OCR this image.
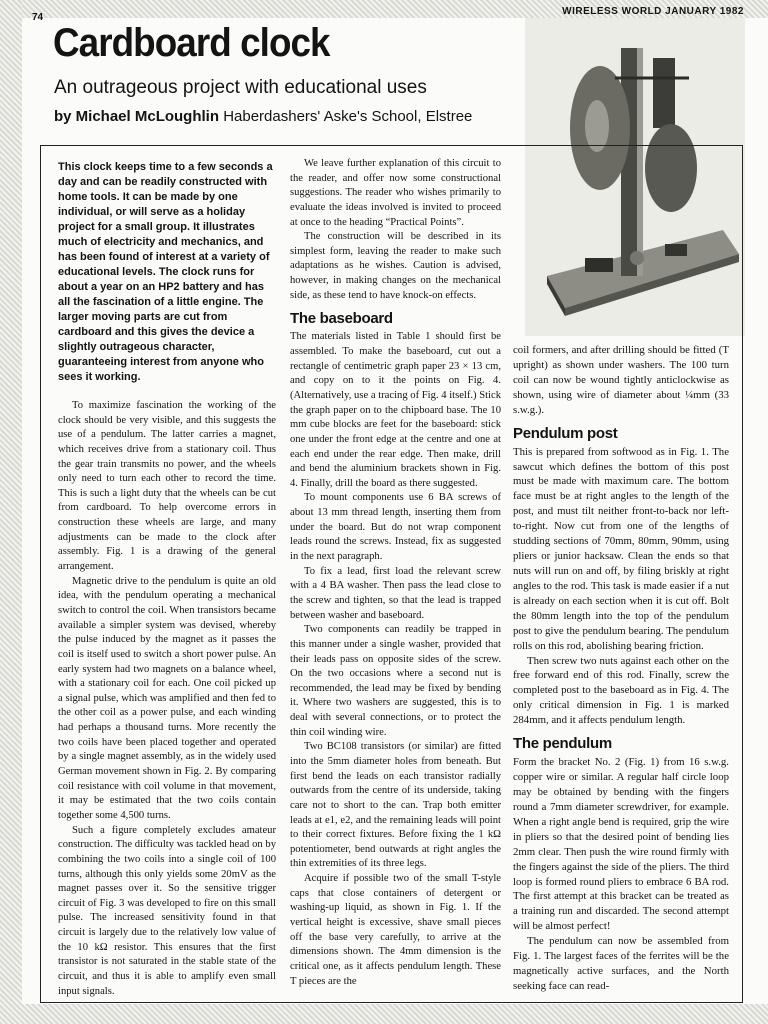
74
WIRELESS WORLD JANUARY 1982
Cardboard clock
An outrageous project with educational uses
by Michael McLoughlin Haberdashers' Aske's School, Elstree

This clock keeps time to a few seconds a day and can be readily constructed with home tools. It can be made by one individual, or will serve as a holiday project for a small group. It illustrates much of electricity and mechanics, and has been found of interest at a variety of educational levels. The clock runs for about a year on an HP2 battery and has all the fascination of a little engine. The larger moving parts are cut from cardboard and this gives the device a slightly outrageous character, guaranteeing interest from anyone who sees it working.

To maximize fascination the working of the clock should be very visible, and this suggests the use of a pendulum. The latter carries a magnet, which receives drive from a stationary coil. Thus the gear train transmits no power, and the wheels only need to turn each other to record the time. This is such a light duty that the wheels can be cut from cardboard. To help overcome errors in construction these wheels are large, and many adjustments can be made to the clock after assembly. Fig. 1 is a drawing of the general arrangement.

Magnetic drive to the pendulum is quite an old idea, with the pendulum operating a mechanical switch to control the coil. When transistors became available a simpler system was devised, whereby the pulse induced by the magnet as it passes the coil is itself used to switch a short power pulse. An early system had two magnets on a balance wheel, with a stationary coil for each. One coil picked up a signal pulse, which was amplified and then fed to the other coil as a power pulse, and each winding had perhaps a thousand turns. More recently the two coils have been placed together and operated by a single magnet assembly, as in the widely used German movement shown in Fig. 2. By comparing coil resistance with coil volume in that movement, it may be estimated that the two coils contain together some 4,500 turns.

Such a figure completely excludes amateur construction. The difficulty was tackled head on by combining the two coils into a single coil of 100 turns, although this only yields some 20mV as the magnet passes over it. So the sensitive trigger circuit of Fig. 3 was developed to fire on this small pulse. The increased sensitivity found in that circuit is largely due to the relatively low value of the 10 kΩ resistor. This ensures that the first transistor is not saturated in the stable state of the circuit, and thus it is able to amplify even small input signals.

We leave further explanation of this circuit to the reader, and offer now some constructional suggestions. The reader who wishes primarily to evaluate the ideas involved is invited to proceed at once to the heading “Practical Points”.

The construction will be described in its simplest form, leaving the reader to make such adaptations as he wishes. Caution is advised, however, in making changes on the mechanical side, as these tend to have knock-on effects.

The baseboard

The materials listed in Table 1 should first be assembled. To make the baseboard, cut out a rectangle of centimetric graph paper 23 × 13 cm, and copy on to it the points on Fig. 4. (Alternatively, use a tracing of Fig. 4 itself.) Stick the graph paper on to the chipboard base. The 10 mm cube blocks are feet for the baseboard: stick one under the front edge at the centre and one at each end under the rear edge. Then make, drill and bend the aluminium brackets shown in Fig. 4. Finally, drill the board as there suggested.

To mount components use 6 BA screws of about 13 mm thread length, inserting them from under the board. But do not wrap component leads round the screws. Instead, fix as suggested in the next paragraph.

To fix a lead, first load the relevant screw with a 4 BA washer. Then pass the lead close to the screw and tighten, so that the lead is trapped between washer and baseboard.

Two components can readily be trapped in this manner under a single washer, provided that their leads pass on opposite sides of the screw. On the two occasions where a second nut is recommended, the lead may be fixed by bending it. Where two washers are suggested, this is to deal with several connections, or to protect the thin coil winding wire.

Two BC108 transistors (or similar) are fitted into the 5mm diameter holes from beneath. But first bend the leads on each transistor radially outwards from the centre of its underside, taking care not to short to the can. Trap both emitter leads at e1, e2, and the remaining leads will point to their correct fixtures. Before fixing the 1 kΩ potentiometer, bend outwards at right angles the thin extremities of its three legs.

Acquire if possible two of the small T-style caps that close containers of detergent or washing-up liquid, as shown in Fig. 1. If the vertical height is excessive, shave small pieces off the base very carefully, to arrive at the dimensions shown. The 4mm dimension is the critical one, as it affects pendulum length. These T pieces are the

coil formers, and after drilling should be fitted (T upright) as shown under washers. The 100 turn coil can now be wound tightly anticlockwise as shown, using wire of diameter about ¼mm (33 s.w.g.).

Pendulum post

This is prepared from softwood as in Fig. 1. The sawcut which defines the bottom of this post must be made with maximum care. The bottom face must be at right angles to the length of the post, and must tilt neither front-to-back nor left-to-right. Now cut from one of the lengths of studding sections of 70mm, 80mm, 90mm, using pliers or junior hacksaw. Clean the ends so that nuts will run on and off, by filing briskly at right angles to the rod. This task is made easier if a nut is already on each section when it is cut off. Bolt the 80mm length into the top of the pendulum post to give the pendulum bearing. The pendulum rolls on this rod, abolishing bearing friction.

Then screw two nuts against each other on the free forward end of this rod. Finally, screw the completed post to the baseboard as in Fig. 4. The only critical dimension in Fig. 1 is marked 284mm, and it affects pendulum length.

The pendulum

Form the bracket No. 2 (Fig. 1) from 16 s.w.g. copper wire or similar. A regular half circle loop may be obtained by bending with the fingers round a 7mm diameter screwdriver, for example. When a right angle bend is required, grip the wire in pliers so that the desired point of bending lies 2mm clear. Then push the wire round firmly with the fingers against the side of the pliers. The third loop is formed round pliers to embrace 6 BA rod. The first attempt at this bracket can be treated as a training run and discarded. The second attempt will be almost perfect!

The pendulum can now be assembled from Fig. 1. The largest faces of the ferrites will be the magnetically active surfaces, and the North seeking face can read-
